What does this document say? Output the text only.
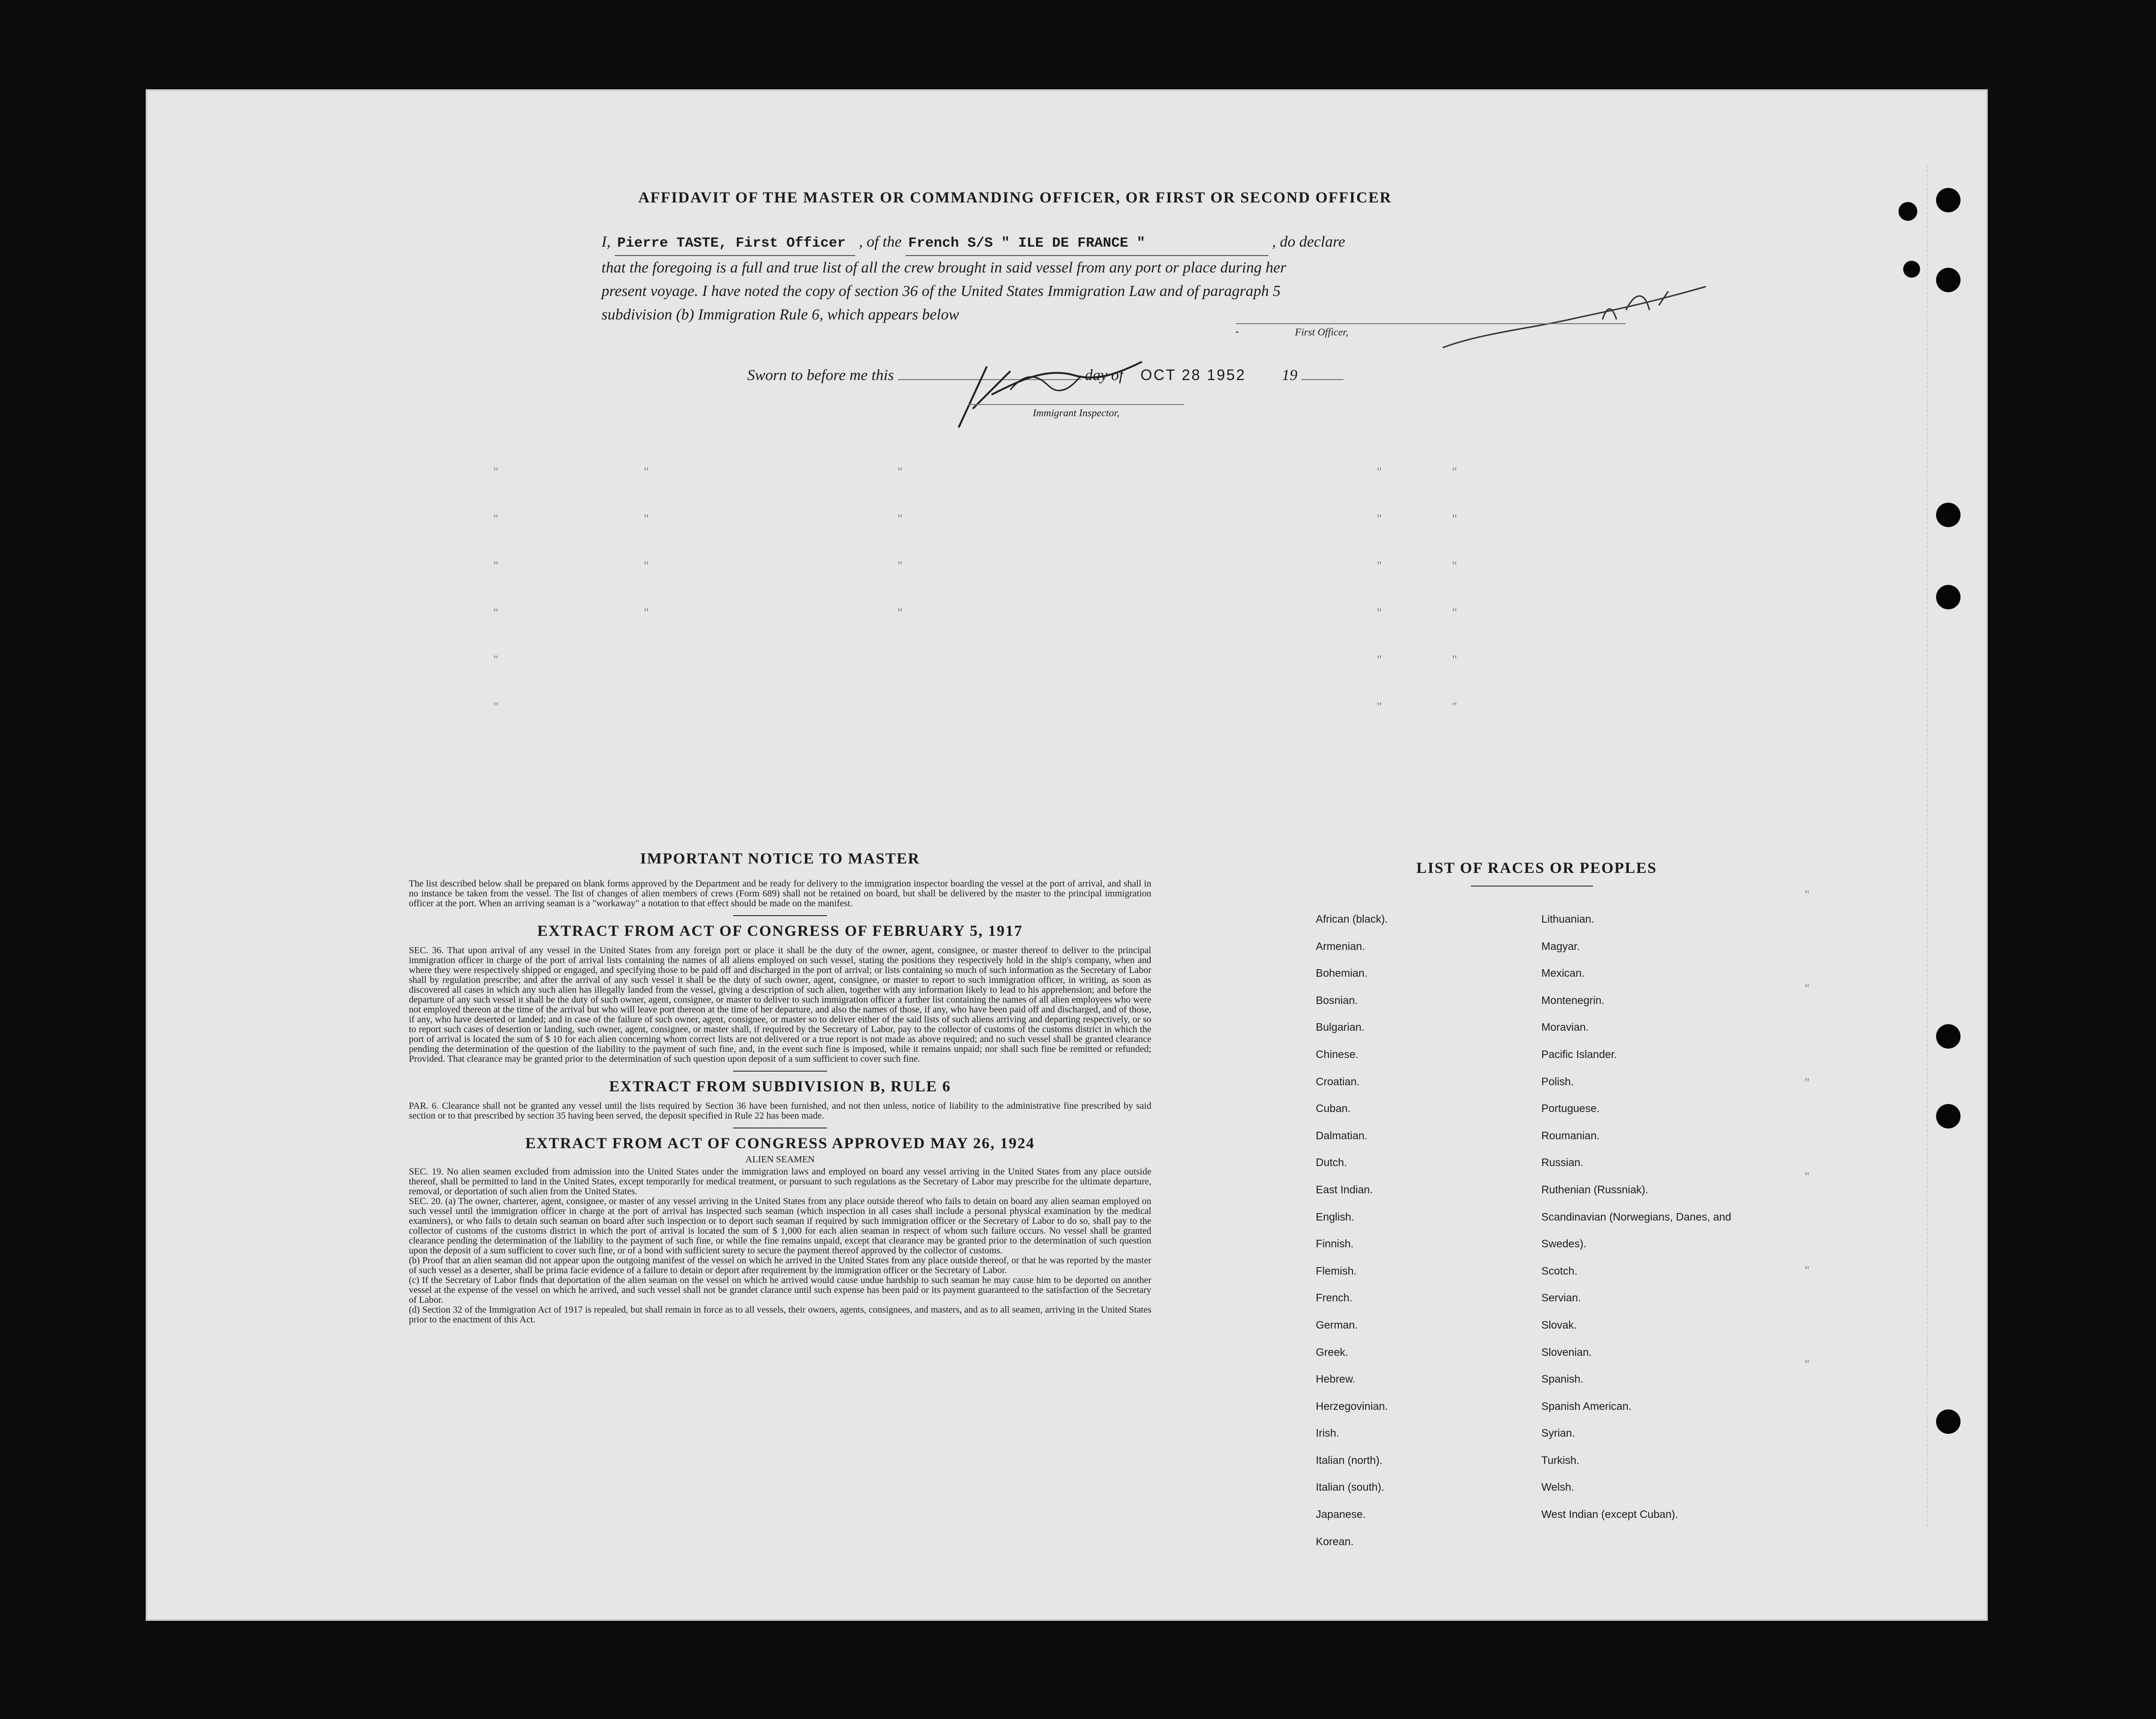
"
"
"
"
"
"
"
"
"
"
"
"
"
"
"
"
"
"
"
"
"
"
"
"
"
"
"
"
"
"
"
"
AFFIDAVIT OF THE MASTER OR COMMANDING OFFICER, OR FIRST OR SECOND OFFICER
I, Pierre TASTE, First Officer , of the French S/S " ILE DE FRANCE "	, do declare
that the foregoing is a full and true list of all the crew brought in said vessel from any port or place during her
present voyage. I have noted the copy of section 36 of the United States Immigration Law and of paragraph 5
subdivision (b) Immigration Rule 6, which appears below
First Officer,
Sworn to before me this	day of OCT 28 1952 19
Immigrant Inspector,
IMPORTANT NOTICE TO MASTER

The list described below shall be prepared on blank forms approved by the Department and be ready for delivery to the immigration inspector boarding the vessel at the port of arrival, and shall in no instance be taken from the vessel. The list of changes of alien members of crews (Form 689) shall not be retained on board, but shall be delivered by the master to the principal immigration officer at the port. When an arriving seaman is a "workaway" a notation to that effect should be made on the manifest.

EXTRACT FROM ACT OF CONGRESS OF FEBRUARY 5, 1917

SEC. 36. That upon arrival of any vessel in the United States from any foreign port or place it shall be the duty of the owner, agent, consignee, or master thereof to deliver to the principal immigration officer in charge of the port of arrival lists containing the names of all aliens employed on such vessel, stating the positions they respectively hold in the ship's company, when and where they were respectively shipped or engaged, and specifying those to be paid off and discharged in the port of arrival; or lists containing so much of such information as the Secretary of Labor shall by regulation prescribe; and after the arrival of any such vessel it shall be the duty of such owner, agent, consignee, or master to report to such immigration officer, in writing, as soon as discovered all cases in which any such alien has illegally landed from the vessel, giving a description of such alien, together with any information likely to lead to his apprehension; and before the departure of any such vessel it shall be the duty of such owner, agent, consignee, or master to deliver to such immigration officer a further list containing the names of all alien employees who were not employed thereon at the time of the arrival but who will leave port thereon at the time of her departure, and also the names of those, if any, who have been paid off and discharged, and of those, if any, who have deserted or landed; and in case of the failure of such owner, agent, consignee, or master so to deliver either of the said lists of such aliens arriving and departing respectively, or so to report such cases of desertion or landing, such owner, agent, consignee, or master shall, if required by the Secretary of Labor, pay to the collector of customs of the customs district in which the port of arrival is located the sum of $ 10 for each alien concerning whom correct lists are not delivered or a true report is not made as above required; and no such vessel shall be granted clearance pending the determination of the question of the liability to the payment of such fine, and, in the event such fine is imposed, while it remains unpaid; nor shall such fine be remitted or refunded; Provided. That clearance may be granted prior to the determination of such question upon deposit of a sum sufficient to cover such fine.

EXTRACT FROM SUBDIVISION B, RULE 6

PAR. 6. Clearance shall not be granted any vessel until the lists required by Section 36 have been furnished, and not then unless, notice of liability to the administrative fine prescribed by said section or to that prescribed by section 35 having been served, the deposit specified in Rule 22 has been made.

EXTRACT FROM ACT OF CONGRESS APPROVED MAY 26, 1924
ALIEN SEAMEN

SEC. 19. No alien seamen excluded from admission into the United States under the immigration laws and employed on board any vessel arriving in the United States from any place outside thereof, shall be permitted to land in the United States, except temporarily for medical treatment, or pursuant to such regulations as the Secretary of Labor may prescribe for the ultimate departure, removal, or deportation of such alien from the United States.

SEC. 20. (a) The owner, charterer, agent, consignee, or master of any vessel arriving in the United States from any place outside thereof who fails to detain on board any alien seaman employed on such vessel until the immigration officer in charge at the port of arrival has inspected such seaman (which inspection in all cases shall include a personal physical examination by the medical examiners), or who fails to detain such seaman on board after such inspection or to deport such seaman if required by such immigration officer or the Secretary of Labor to do so, shall pay to the collector of customs of the customs district in which the port of arrival is located the sum of $ 1,000 for each alien seaman in respect of whom such failure occurs. No vessel shall be granted clearance pending the determination of the liability to the payment of such fine, or while the fine remains unpaid, except that clearance may be granted prior to the determination of such question upon the deposit of a sum sufficient to cover such fine, or of a bond with sufficient surety to secure the payment thereof approved by the collector of customs.

(b) Proof that an alien seaman did not appear upon the outgoing manifest of the vessel on which he arrived in the United States from any place outside thereof, or that he was reported by the master of such vessel as a deserter, shall be prima facie evidence of a failure to detain or deport after requirement by the immigration officer or the Secretary of Labor.

(c) If the Secretary of Labor finds that deportation of the alien seaman on the vessel on which he arrived would cause undue hardship to such seaman he may cause him to be deported on another vessel at the expense of the vessel on which he arrived, and such vessel shall not be grandet clarance until such expense has been paid or its payment guaranteed to the satisfaction of the Secretary of Labor.

(d) Section 32 of the Immigration Act of 1917 is repealed, but shall remain in force as to all vessels, their owners, agents, consignees, and masters, and as to all seamen, arriving in the United States prior to the enactment of this Act.

LIST OF RACES OR PEOPLES
African (black).
Armenian.
Bohemian.
Bosnian.
Bulgarian.
Chinese.
Croatian.
Cuban.
Dalmatian.
Dutch.
East Indian.
English.
Finnish.
Flemish.
French.
German.
Greek.
Hebrew.
Herzegovinian.
Irish.
Italian (north).
Italian (south).
Japanese.
Korean.
Lithuanian.
Magyar.
Mexican.
Montenegrin.
Moravian.
Pacific Islander.
Polish.
Portuguese.
Roumanian.
Russian.
Ruthenian (Russniak).
Scandinavian (Norwegians, Danes, and Swedes).
Scotch.
Servian.
Slovak.
Slovenian.
Spanish.
Spanish American.
Syrian.
Turkish.
Welsh.
West Indian (except Cuban).
